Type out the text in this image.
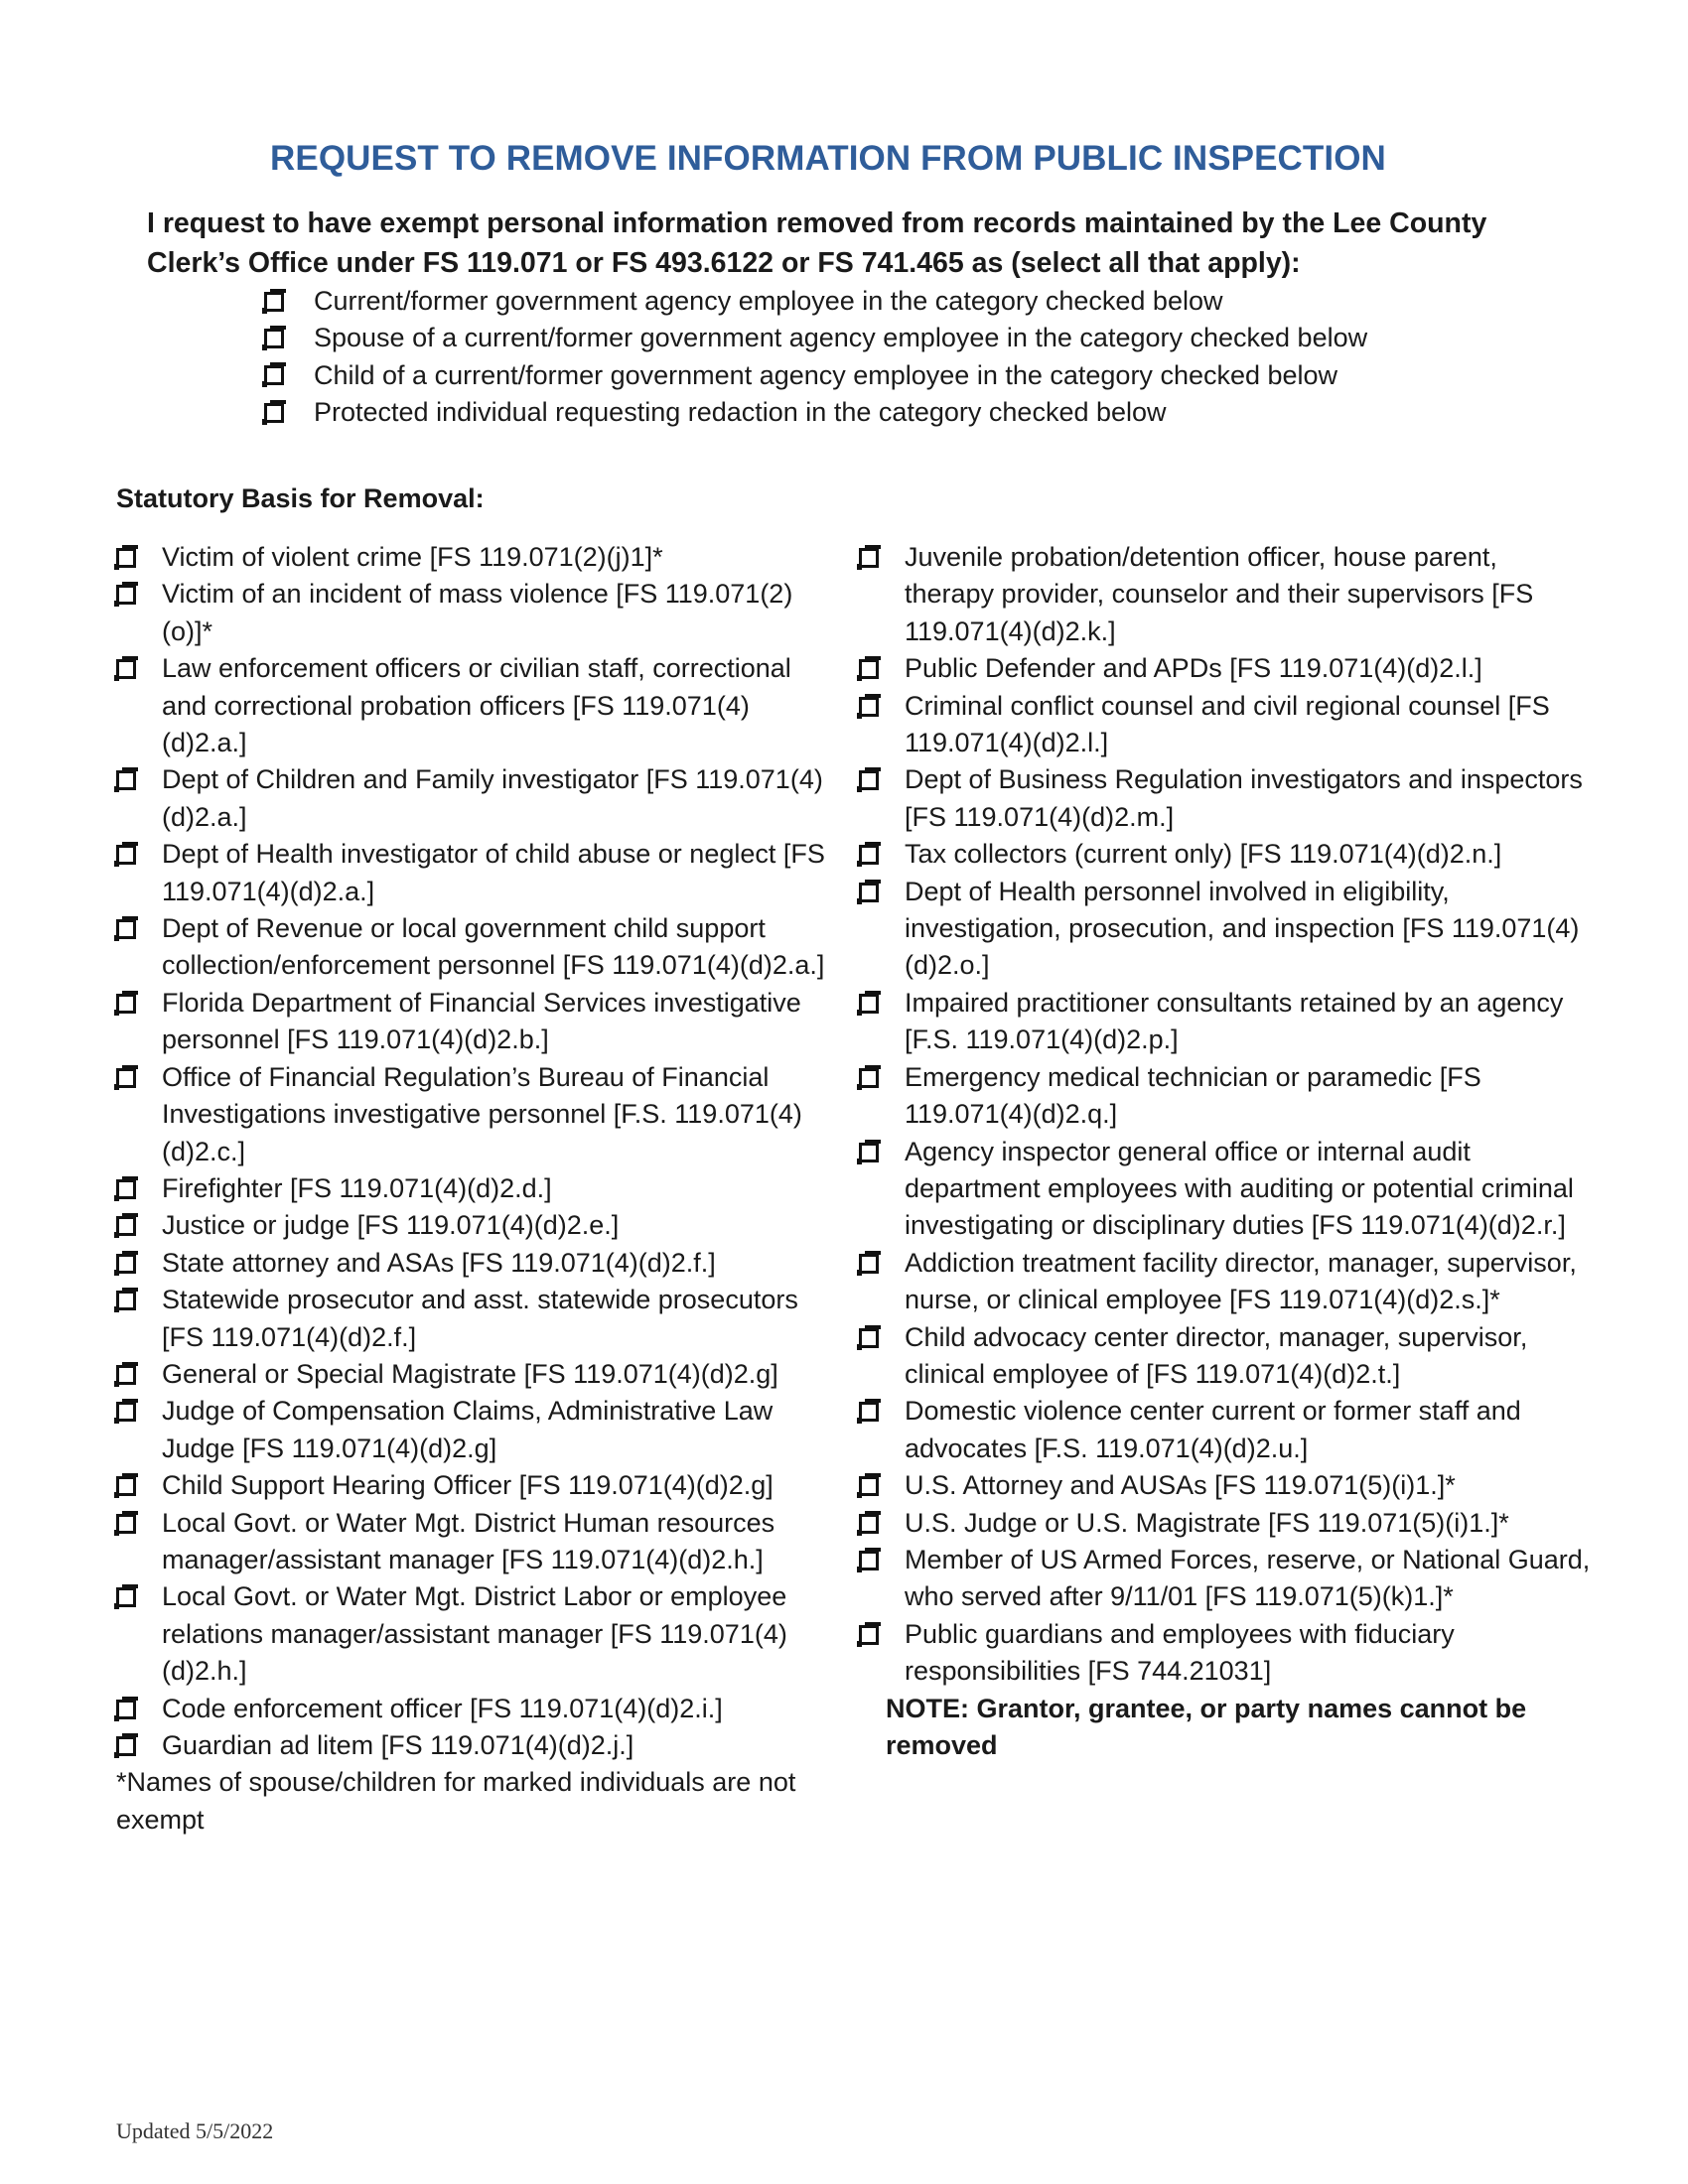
REQUEST TO REMOVE INFORMATION FROM PUBLIC INSPECTION
I request to have exempt personal information removed from records maintained by the Lee County Clerk’s Office under FS 119.071 or FS 493.6122 or FS 741.465 as (select all that apply):
Current/former government agency employee in the category checked below
Spouse of a current/former government agency employee in the category checked below
Child of a current/former government agency employee in the category checked below
Protected individual requesting redaction in the category checked below
Statutory Basis for Removal:
Victim of violent crime [FS 119.071(2)(j)1]*
Victim of an incident of mass violence [FS 119.071(2)(o)]*
Law enforcement officers or civilian staff, correctional and correctional probation officers [FS 119.071(4)(d)2.a.]
Dept of Children and Family investigator [FS 119.071(4)(d)2.a.]
Dept of Health investigator of child abuse or neglect [FS 119.071(4)(d)2.a.]
Dept of Revenue or local government child support collection/enforcement personnel [FS 119.071(4)(d)2.a.]
Florida Department of Financial Services investigative personnel [FS 119.071(4)(d)2.b.]
Office of Financial Regulation’s Bureau of Financial Investigations investigative personnel [F.S. 119.071(4)(d)2.c.]
Firefighter [FS 119.071(4)(d)2.d.]
Justice or judge [FS 119.071(4)(d)2.e.]
State attorney and ASAs [FS 119.071(4)(d)2.f.]
Statewide prosecutor and asst. statewide prosecutors [FS 119.071(4)(d)2.f.]
General or Special Magistrate [FS 119.071(4)(d)2.g]
Judge of Compensation Claims, Administrative Law Judge [FS 119.071(4)(d)2.g]
Child Support Hearing Officer [FS 119.071(4)(d)2.g]
Local Govt. or Water Mgt. District Human resources manager/assistant manager [FS 119.071(4)(d)2.h.]
Local Govt. or Water Mgt. District Labor or employee relations manager/assistant manager [FS 119.071(4)(d)2.h.]
Code enforcement officer [FS 119.071(4)(d)2.i.]
Guardian ad litem [FS 119.071(4)(d)2.j.]
*Names of spouse/children for marked individuals are not exempt
Juvenile probation/detention officer, house parent, therapy provider, counselor and their supervisors [FS 119.071(4)(d)2.k.]
Public Defender and APDs [FS 119.071(4)(d)2.l.]
Criminal conflict counsel and civil regional counsel [FS 119.071(4)(d)2.l.]
Dept of Business Regulation investigators and inspectors [FS 119.071(4)(d)2.m.]
Tax collectors (current only) [FS 119.071(4)(d)2.n.]
Dept of Health personnel involved in eligibility, investigation, prosecution, and inspection [FS 119.071(4)(d)2.o.]
Impaired practitioner consultants retained by an agency [F.S. 119.071(4)(d)2.p.]
Emergency medical technician or paramedic [FS 119.071(4)(d)2.q.]
Agency inspector general office or internal audit department employees with auditing or potential criminal investigating or disciplinary duties [FS 119.071(4)(d)2.r.]
Addiction treatment facility director, manager, supervisor, nurse, or clinical employee [FS 119.071(4)(d)2.s.]*
Child advocacy center director, manager, supervisor, clinical employee of [FS 119.071(4)(d)2.t.]
Domestic violence center current or former staff and advocates [F.S. 119.071(4)(d)2.u.]
U.S. Attorney and AUSAs [FS 119.071(5)(i)1.]*
U.S. Judge or U.S. Magistrate [FS 119.071(5)(i)1.]*
Member of US Armed Forces, reserve, or National Guard, who served after 9/11/01 [FS 119.071(5)(k)1.]*
Public guardians and employees with fiduciary responsibilities [FS 744.21031]
NOTE: Grantor, grantee, or party names cannot be removed
Updated 5/5/2022
